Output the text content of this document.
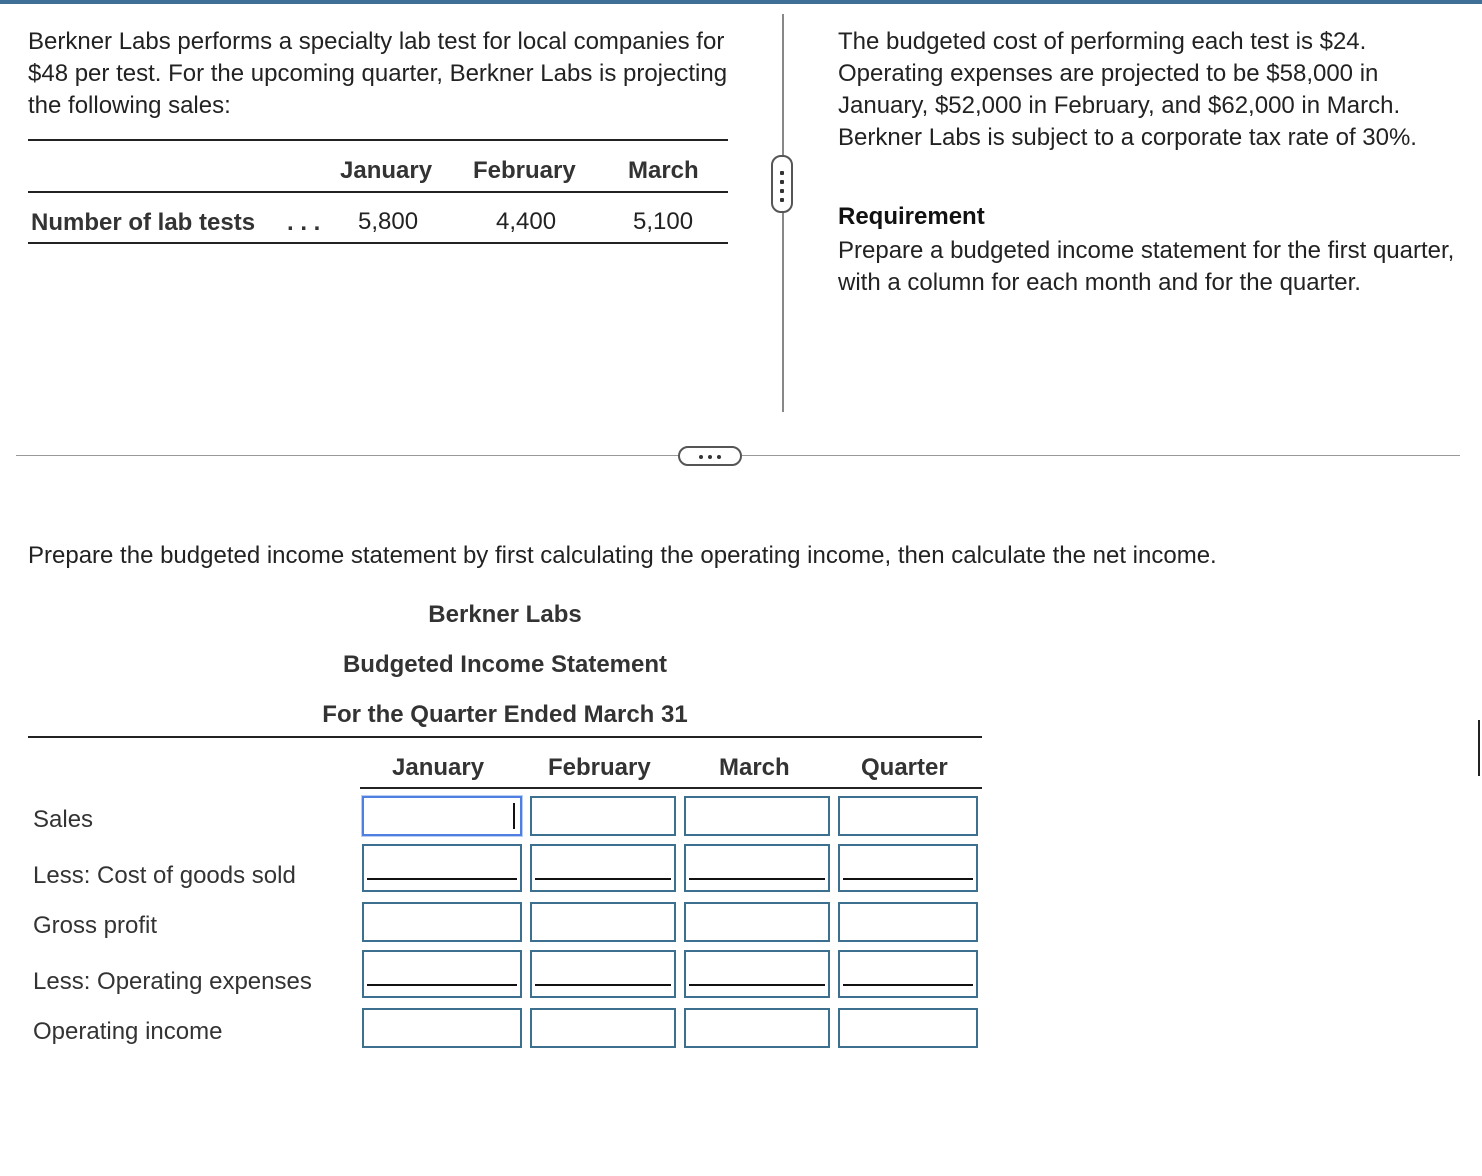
Berkner Labs performs a specialty lab test for local companies for $48 per test. For the upcoming quarter, Berkner Labs is projecting the following sales:

January February March
Number of lab tests . . . 5,800	4,400	5,100

The budgeted cost of performing each test is $24. Operating expenses are projected to be $58,000 in January, $52,000 in February, and $62,000 in March. Berkner Labs is subject to a corporate tax rate of 30%.

Requirement

Prepare a budgeted income statement for the first quarter, with a column for each month and for the quarter.

Prepare the budgeted income statement by first calculating the operating income, then calculate the net income.

Berkner Labs
Budgeted Income Statement
For the Quarter Ended March 31
January	February	March	Quarter
Sales
Less: Cost of goods sold
Gross profit
Less: Operating expenses
Operating income
